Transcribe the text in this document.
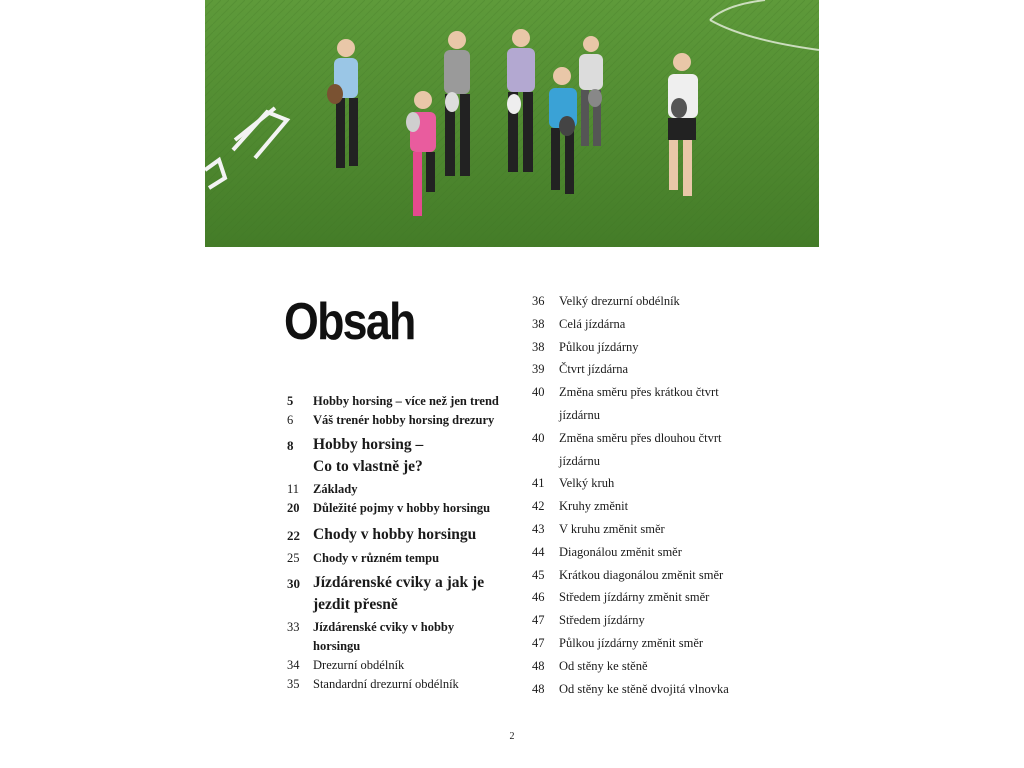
Obsah
5	Hobby horsing – více než jen trend
6	Váš trenér hobby horsing drezury
8	Hobby horsing – Co to vlastně je?
11	Základy
20	Důležité pojmy v hobby horsingu
22 Chody v hobby horsingu
25	Chody v různém tempu
30 Jízdárenské cviky a jak je jezdit přesně
33	Jízdárenské cviky v hobby horsingu
34	Drezurní obdélník
35	Standardní drezurní obdélník
36	Velký drezurní obdélník
38	Celá jízdárna
38	Půlkou jízdárny
39	Čtvrt jízdárna
40	Změna směru přes krátkou čtvrt jízdárnu
40	Změna směru přes dlouhou čtvrt jízdárnu
41	Velký kruh
42	Kruhy změnit
43	V kruhu změnit směr
44	Diagonálou změnit směr
45	Krátkou diagonálou změnit směr
46	Středem jízdárny změnit směr
47	Středem jízdárny
47	Půlkou jízdárny změnit směr
48	Od stěny ke stěně
48	Od stěny ke stěně dvojitá vlnovka
2
